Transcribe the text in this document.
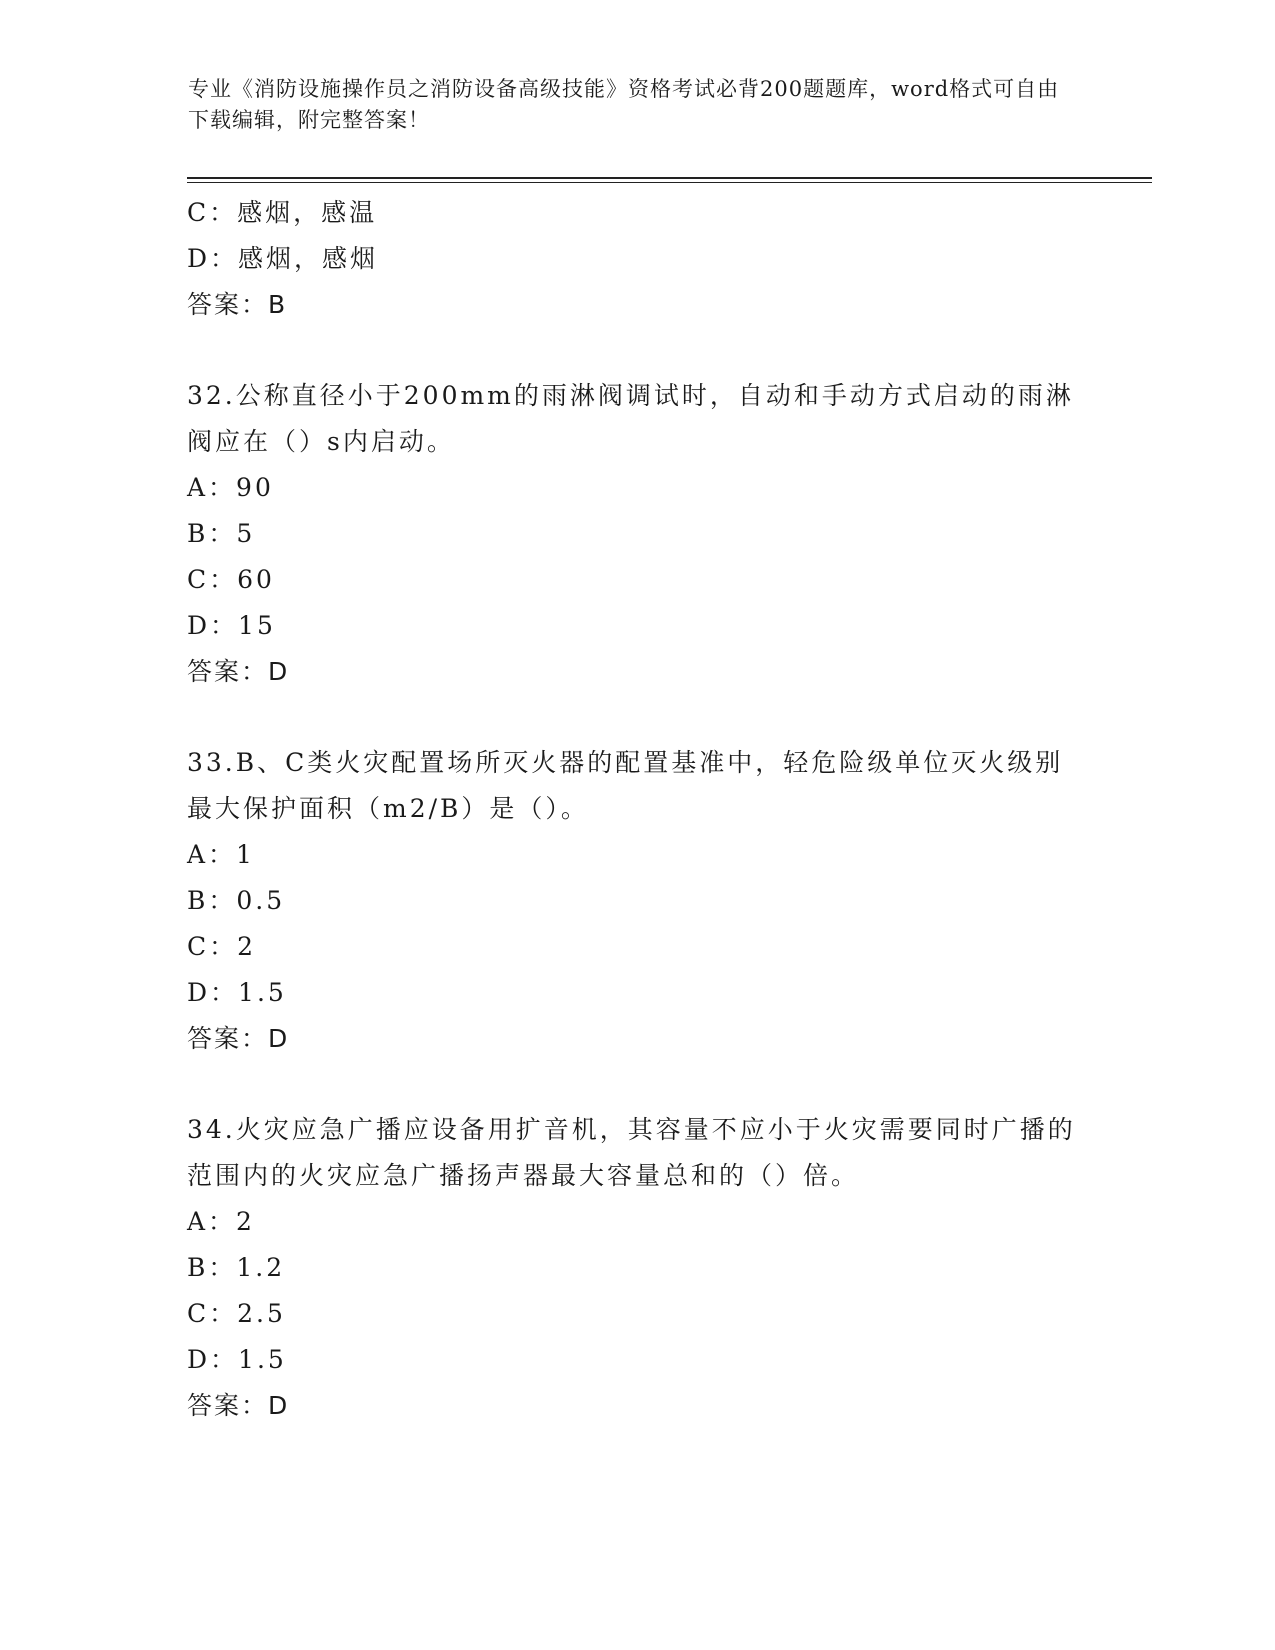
专业《消防设施操作员之消防设备高级技能》资格考试必背200题题库，word格式可自由下载编辑，附完整答案！
C：感烟，感温
D：感烟，感烟
答案：B
32.公称直径小于200mm的雨淋阀调试时，自动和手动方式启动的雨淋阀应在（）s内启动。
A：90
B：5
C：60
D：15
答案：D
33.B、C类火灾配置场所灭火器的配置基准中，轻危险级单位灭火级别最大保护面积（m2/B）是（）。
A：1
B：0.5
C：2
D：1.5
答案：D
34.火灾应急广播应设备用扩音机，其容量不应小于火灾需要同时广播的范围内的火灾应急广播扬声器最大容量总和的（）倍。
A：2
B：1.2
C：2.5
D：1.5
答案：D
